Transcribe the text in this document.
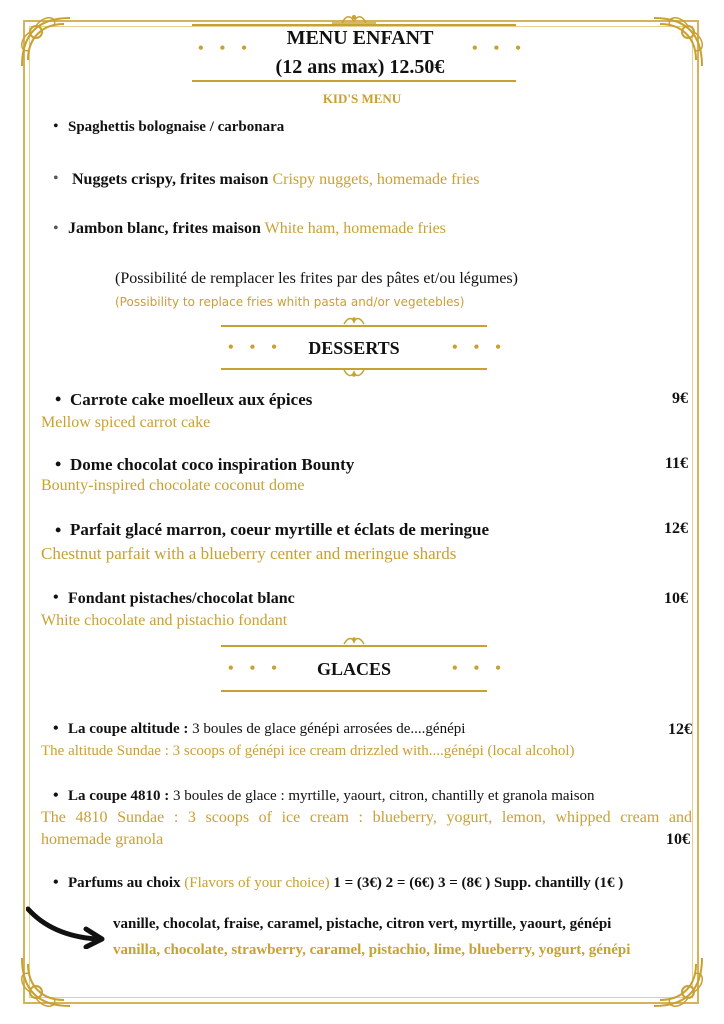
• • •	• • •
MENU ENFANT
(12 ans max) 12.50€
KID'S MENU
• Spaghettis bolognaise / carbonara
• Nuggets crispy, frites maison Crispy nuggets, homemade fries
• Jambon blanc, frites maison White ham, homemade fries
(Possibilité de remplacer les frites par des pâtes et/ou légumes)
(Possibility to replace fries whith pasta and/or vegetebles)
• • •	• • •
DESSERTS
• Carrote cake moelleux aux épices	9€
Mellow spiced carrot cake
• Dome chocolat coco inspiration Bounty	11€
Bounty-inspired chocolate coconut dome
• Parfait glacé marron, coeur myrtille et éclats de meringue	12€
Chestnut parfait with a blueberry center and meringue shards
• Fondant pistaches/chocolat blanc	10€
White chocolate and pistachio fondant
• • •	• • •
GLACES
• La coupe altitude : 3 boules de glace génépi arrosées de....génépi	12€
The altitude Sundae : 3 scoops of génépi ice cream drizzled with....génépi (local alcohol)
• La coupe 4810 : 3 boules de glace : myrtille, yaourt, citron, chantilly et granola maison
The 4810 Sundae : 3 scoops of ice cream : blueberry, yogurt, lemon, whipped cream and
homemade granola	10€
• Parfums au choix (Flavors of your choice) 1 = (3€) 2 = (6€) 3 = (8€ ) Supp. chantilly (1€ )
vanille, chocolat, fraise, caramel, pistache, citron vert, myrtille, yaourt, génépi
vanilla, chocolate, strawberry, caramel, pistachio, lime, blueberry, yogurt, génépi
